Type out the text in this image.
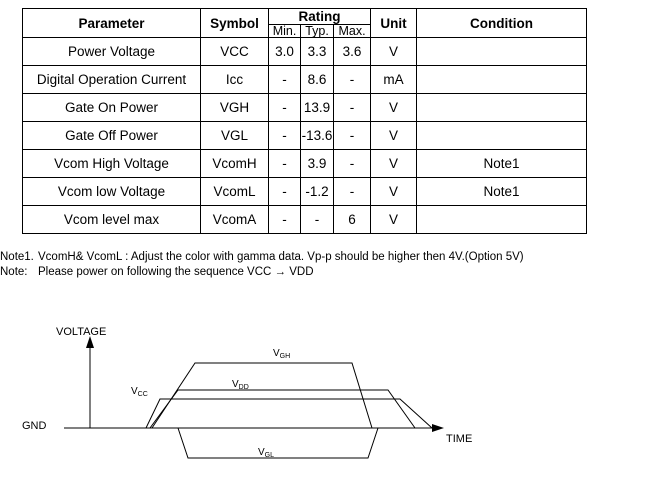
Parameter	Symbol	Rating			Unit	Condition
		Min.	Typ.	Max.		
Power Voltage	VCC	3.0	3.3	3.6	V	
Digital Operation Current	Icc	-	8.6	-	mA	
Gate On Power	VGH	-	13.9	-	V	
Gate Off Power	VGL	-	-13.6	-	V	
Vcom High Voltage	VcomH	-	3.9	-	V	Note1
Vcom low Voltage	VcomL	-	-1.2	-	V	Note1
Vcom level max	VcomA	-	-	6	V	
Note1. VcomH& VcomL : Adjust the color with gamma data. Vp-p should be higher then 4V.(Option 5V)
Note: Please power on following the sequence VCC → VDD
VOLTAGE
GND
TIME
$V_{GH}$
$V_{DD}$
$V_{CC}$
$V_{GL}$
